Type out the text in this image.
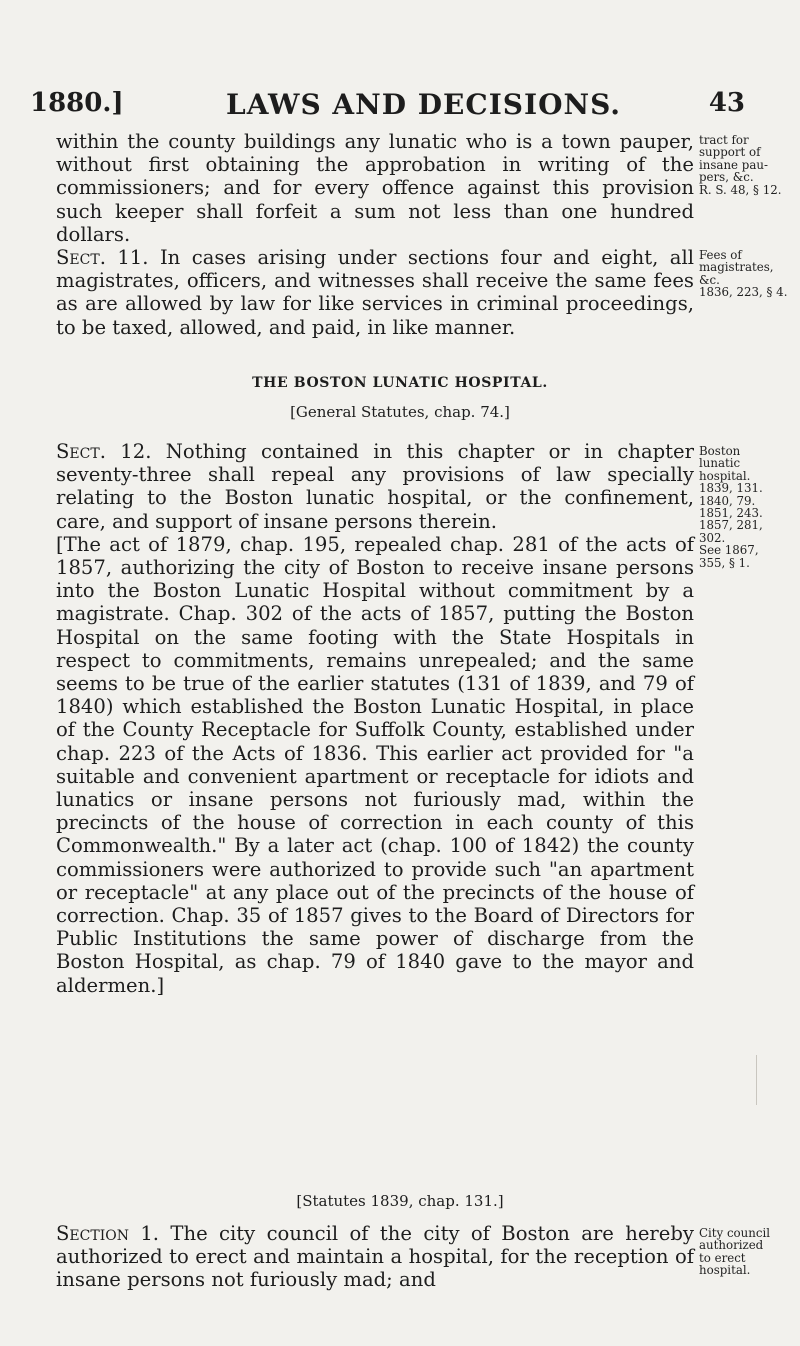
1880.]	LAWS AND DECISIONS.	43

within the county buildings any lunatic who is a town pauper, without first obtaining the approbation in writing of the commissioners; and for every offence against this provision such keeper shall forfeit a sum not less than one hundred dollars.

Sect. 11. In cases arising under sections four and eight, all magistrates, officers, and witnesses shall receive the same fees as are allowed by law for like services in criminal proceedings, to be taxed, allowed, and paid, in like manner.

tract for
support of
insane pau-
pers, &c.
R. S. 48, § 12.
Fees of
magistrates,
&c.
1836, 223, § 4.
THE BOSTON LUNATIC HOSPITAL.
[General Statutes, chap. 74.]

Sect. 12. Nothing contained in this chapter or in chapter seventy-three shall repeal any provisions of law specially relating to the Boston lunatic hospital, or the confinement, care, and support of insane persons therein.

[The act of 1879, chap. 195, repealed chap. 281 of the acts of 1857, authorizing the city of Boston to receive insane persons into the Boston Lunatic Hospital without commitment by a magistrate. Chap. 302 of the acts of 1857, putting the Boston Hospital on the same footing with the State Hospitals in respect to commitments, remains unrepealed; and the same seems to be true of the earlier statutes (131 of 1839, and 79 of 1840) which established the Boston Lunatic Hospital, in place of the County Receptacle for Suffolk County, established under chap. 223 of the Acts of 1836. This earlier act provided for "a suitable and convenient apartment or receptacle for idiots and lunatics or insane persons not furiously mad, within the precincts of the house of correction in each county of this Commonwealth." By a later act (chap. 100 of 1842) the county commissioners were authorized to provide such "an apartment or receptacle" at any place out of the precincts of the house of correction. Chap. 35 of 1857 gives to the Board of Directors for Public Institutions the same power of discharge from the Boston Hospital, as chap. 79 of 1840 gave to the mayor and aldermen.]

Boston
lunatic
hospital.
1839, 131.
1840, 79.
1851, 243.
1857, 281,
302.
See 1867,
355, § 1.
[Statutes 1839, chap. 131.]

Section 1. The city council of the city of Boston are hereby authorized to erect and maintain a hospital, for the reception of insane persons not furiously mad; and

City council
authorized
to erect
hospital.
